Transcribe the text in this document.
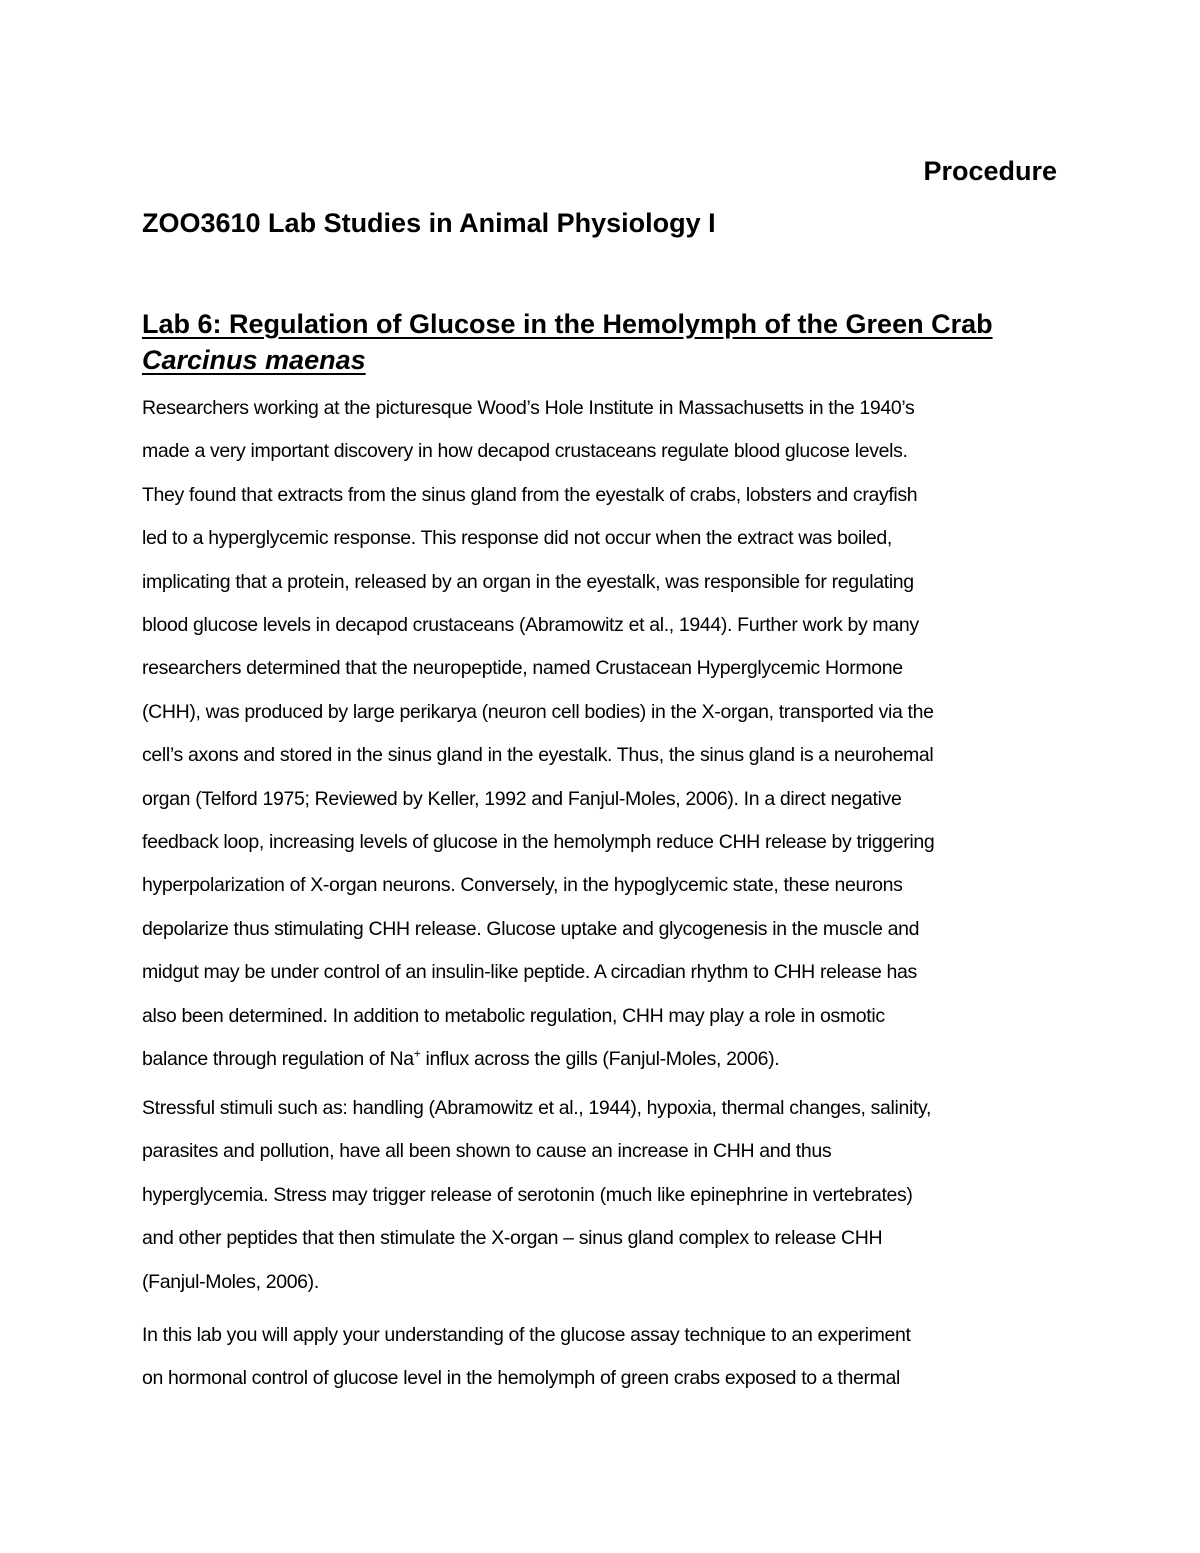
Procedure
ZOO3610 Lab Studies in Animal Physiology I
Lab 6: Regulation of Glucose in the Hemolymph of the Green Crab
Carcinus maenas

Researchers working at the picturesque Wood’s Hole Institute in Massachusetts in the 1940’s

made a very important discovery in how decapod crustaceans regulate blood glucose levels.

They found that extracts from the sinus gland from the eyestalk of crabs, lobsters and crayfish

led to a hyperglycemic response. This response did not occur when the extract was boiled,

implicating that a protein, released by an organ in the eyestalk, was responsible for regulating

blood glucose levels in decapod crustaceans (Abramowitz et al., 1944). Further work by many

researchers determined that the neuropeptide, named Crustacean Hyperglycemic Hormone

(CHH), was produced by large perikarya (neuron cell bodies) in the X-organ, transported via the

cell’s axons and stored in the sinus gland in the eyestalk. Thus, the sinus gland is a neurohemal

organ (Telford 1975; Reviewed by Keller, 1992 and Fanjul-Moles, 2006). In a direct negative

feedback loop, increasing levels of glucose in the hemolymph reduce CHH release by triggering

hyperpolarization of X-organ neurons. Conversely, in the hypoglycemic state, these neurons

depolarize thus stimulating CHH release. Glucose uptake and glycogenesis in the muscle and

midgut may be under control of an insulin-like peptide. A circadian rhythm to CHH release has

also been determined. In addition to metabolic regulation, CHH may play a role in osmotic

balance through regulation of Na+ influx across the gills (Fanjul-Moles, 2006).

Stressful stimuli such as: handling (Abramowitz et al., 1944), hypoxia, thermal changes, salinity,

parasites and pollution, have all been shown to cause an increase in CHH and thus

hyperglycemia. Stress may trigger release of serotonin (much like epinephrine in vertebrates)

and other peptides that then stimulate the X-organ – sinus gland complex to release CHH

(Fanjul-Moles, 2006).

In this lab you will apply your understanding of the glucose assay technique to an experiment

on hormonal control of glucose level in the hemolymph of green crabs exposed to a thermal
